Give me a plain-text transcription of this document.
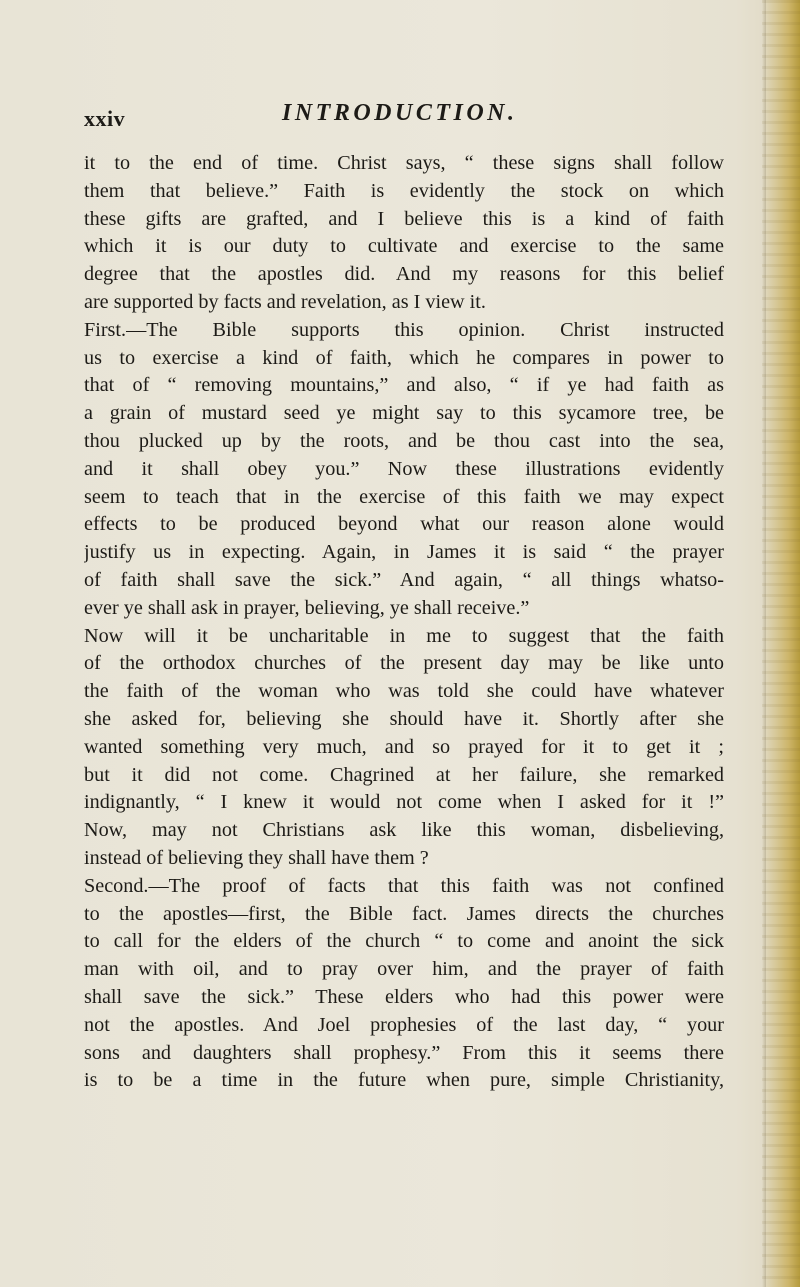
xxiv	INTRODUCTION.
it to the end of time. Christ says, “ these signs shall follow
them that believe.” Faith is evidently the stock on which
these gifts are grafted, and I believe this is a kind of faith
which it is our duty to cultivate and exercise to the same
degree that the apostles did. And my reasons for this belief
are supported by facts and revelation, as I view it.
First.—The Bible supports this opinion. Christ instructed
us to exercise a kind of faith, which he compares in power to
that of “ removing mountains,” and also, “ if ye had faith as
a grain of mustard seed ye might say to this sycamore tree, be
thou plucked up by the roots, and be thou cast into the sea,
and it shall obey you.” Now these illustrations evidently
seem to teach that in the exercise of this faith we may expect
effects to be produced beyond what our reason alone would
justify us in expecting. Again, in James it is said “ the prayer
of faith shall save the sick.” And again, “ all things whatso-
ever ye shall ask in prayer, believing, ye shall receive.”
Now will it be uncharitable in me to suggest that the faith
of the orthodox churches of the present day may be like unto
the faith of the woman who was told she could have whatever
she asked for, believing she should have it. Shortly after she
wanted something very much, and so prayed for it to get it ;
but it did not come. Chagrined at her failure, she remarked
indignantly, “ I knew it would not come when I asked for it !”
Now, may not Christians ask like this woman, disbelieving,
instead of believing they shall have them ?
Second.—The proof of facts that this faith was not confined
to the apostles—first, the Bible fact. James directs the churches
to call for the elders of the church “ to come and anoint the sick
man with oil, and to pray over him, and the prayer of faith
shall save the sick.” These elders who had this power were
not the apostles. And Joel prophesies of the last day, “ your
sons and daughters shall prophesy.” From this it seems there
is to be a time in the future when pure, simple Christianity,
